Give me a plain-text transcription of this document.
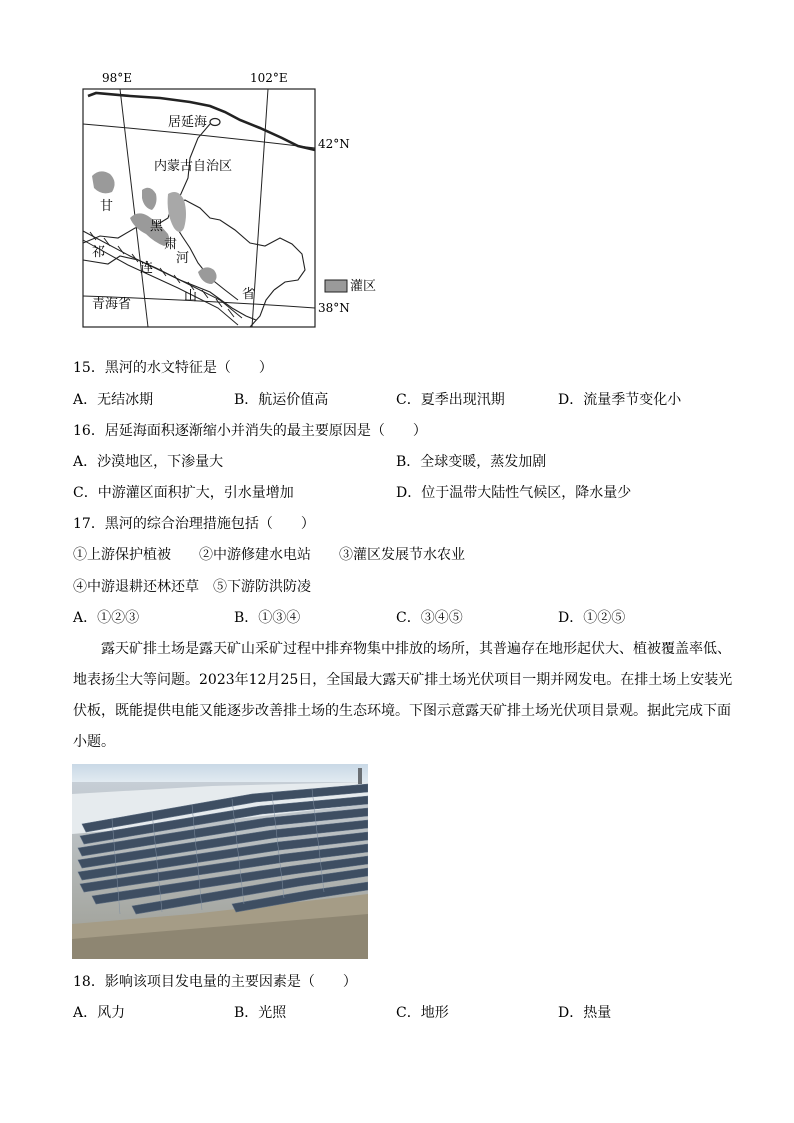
98°E	102°E
42°N
38°N
居延海
内蒙古自治区
甘
黑
肃
河
祁
连
山	省
青海省
灌区
15．黑河的水文特征是（　　）
A．无结冰期	B．航运价值高	C．夏季出现汛期	D．流量季节变化小
16．居延海面积逐渐缩小并消失的最主要原因是（　　）
A．沙漠地区，下渗量大	B．全球变暖，蒸发加剧
C．中游灌区面积扩大，引水量增加	D．位于温带大陆性气候区，降水量少
17．黑河的综合治理措施包括（　　）
①上游保护植被　　②中游修建水电站　　③灌区发展节水农业
④中游退耕还林还草　⑤下游防洪防凌
A．①②③	B．①③④	C．③④⑤	D．①②⑤
露天矿排土场是露天矿山采矿过程中排弃物集中排放的场所，其普遍存在地形起伏大、植被覆盖率低、地表扬尘大等问题。2023年12月25日，全国最大露天矿排土场光伏项目一期并网发电。在排土场上安装光伏板，既能提供电能又能逐步改善排土场的生态环境。下图示意露天矿排土场光伏项目景观。据此完成下面小题。
18．影响该项目发电量的主要因素是（　　）
A．风力	B．光照	C．地形	D．热量
